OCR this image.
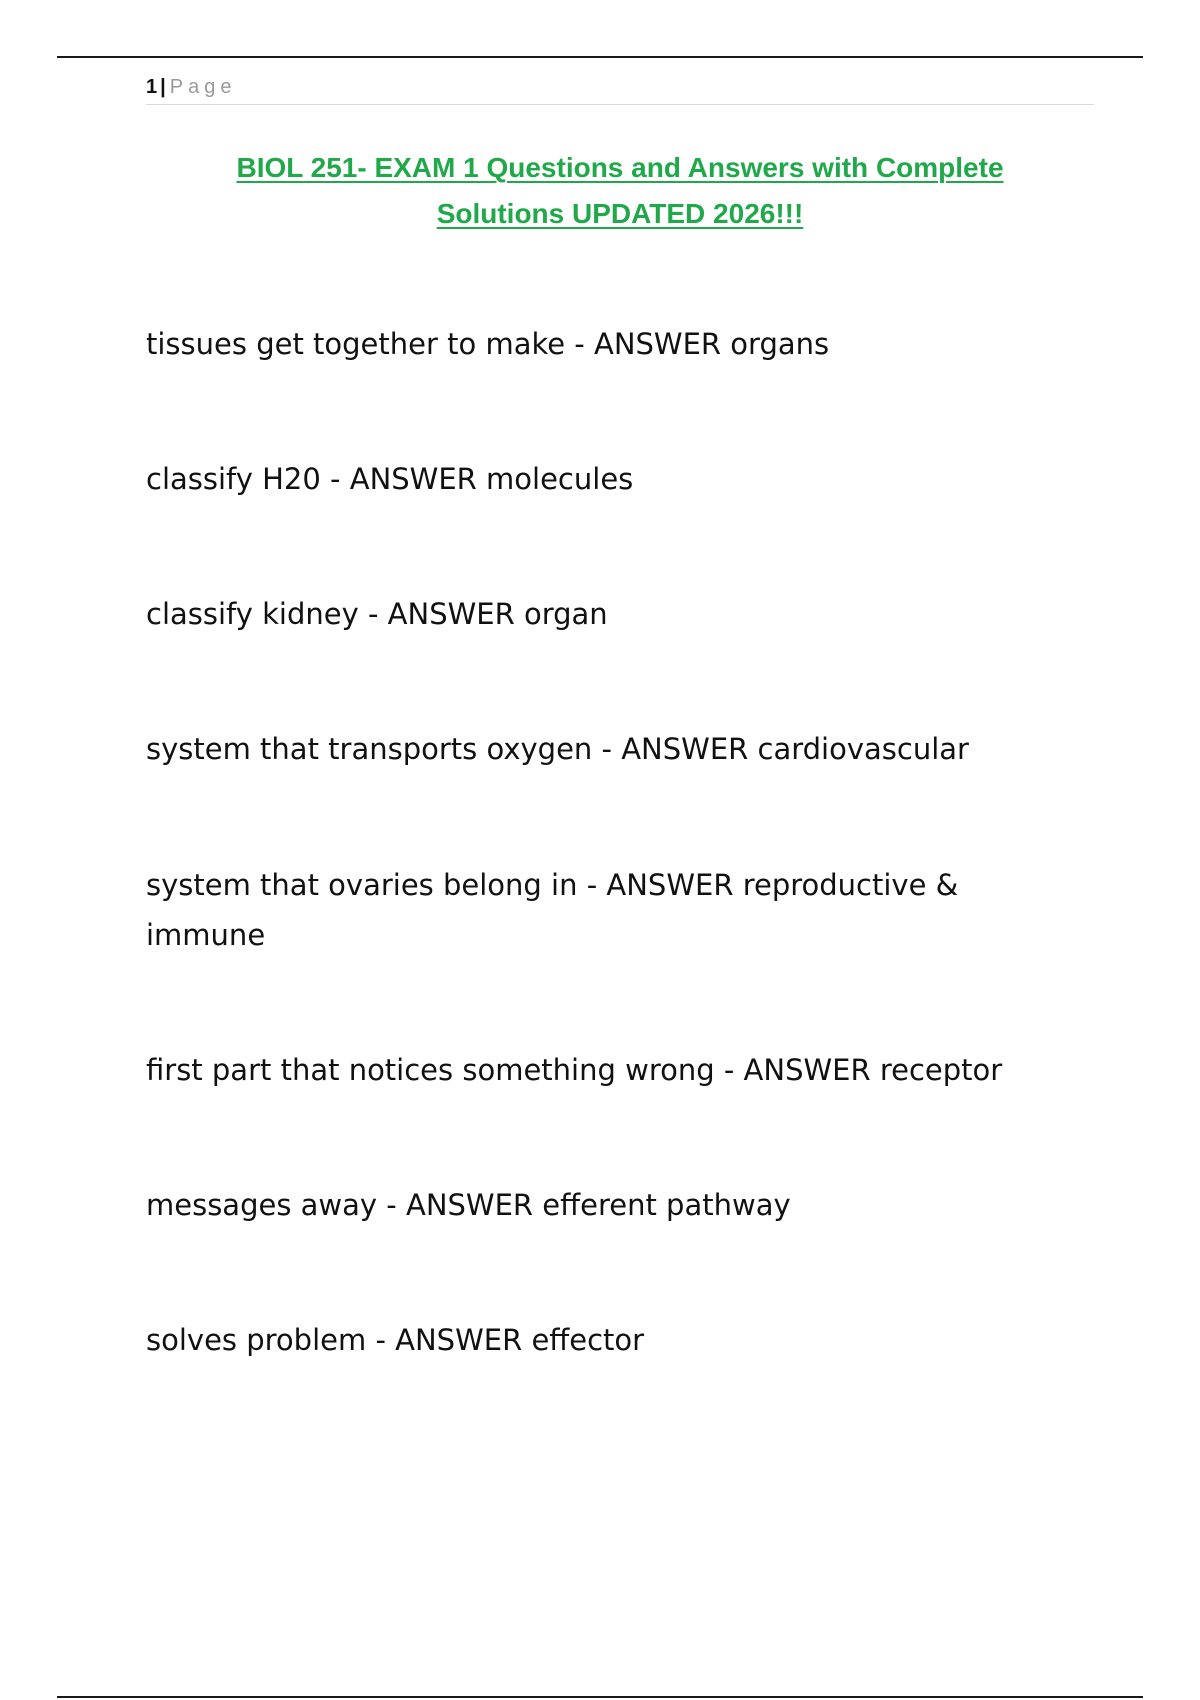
1 | Page
BIOL 251- EXAM 1 Questions and Answers with Complete
Solutions UPDATED 2026!!!
tissues get together to make - ANSWER organs
classify H20 - ANSWER molecules
classify kidney - ANSWER organ
system that transports oxygen - ANSWER cardiovascular
system that ovaries belong in - ANSWER reproductive & immune
first part that notices something wrong - ANSWER receptor
messages away - ANSWER efferent pathway
solves problem - ANSWER effector
